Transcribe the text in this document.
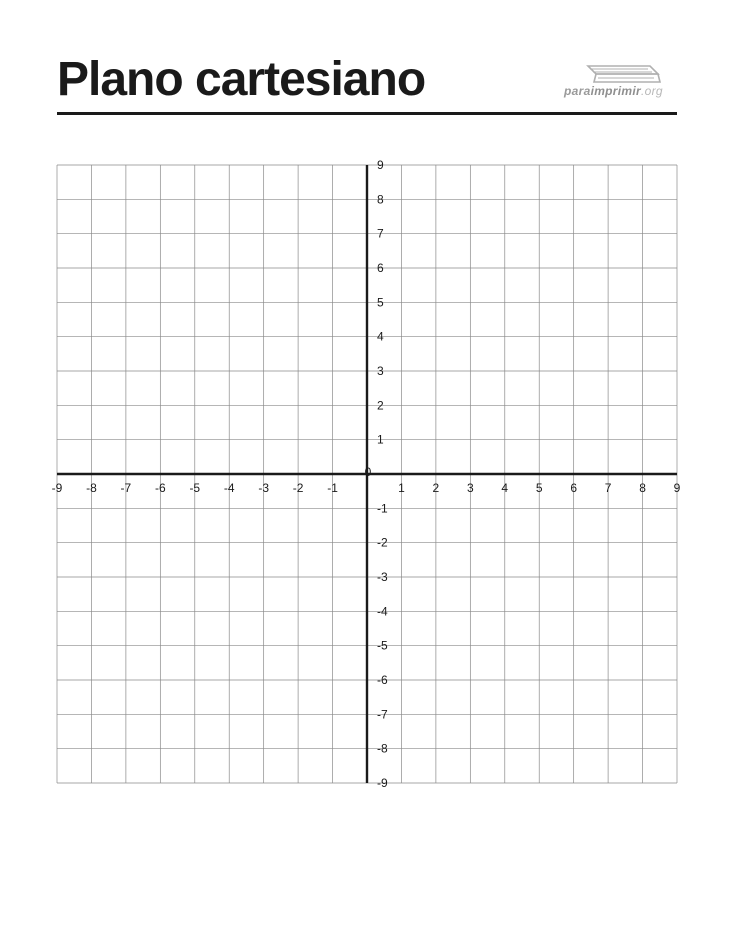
Plano cartesiano	paraimprimir.org
-9 -8 -7 -6 -5 -4 -3 -2 -1	1 2 3 4 5 6 7 8 9
9
8
7
6
5
4
3
2
1
-1
-2
-3
-4
-5
-6
-7
-8
-9
0
